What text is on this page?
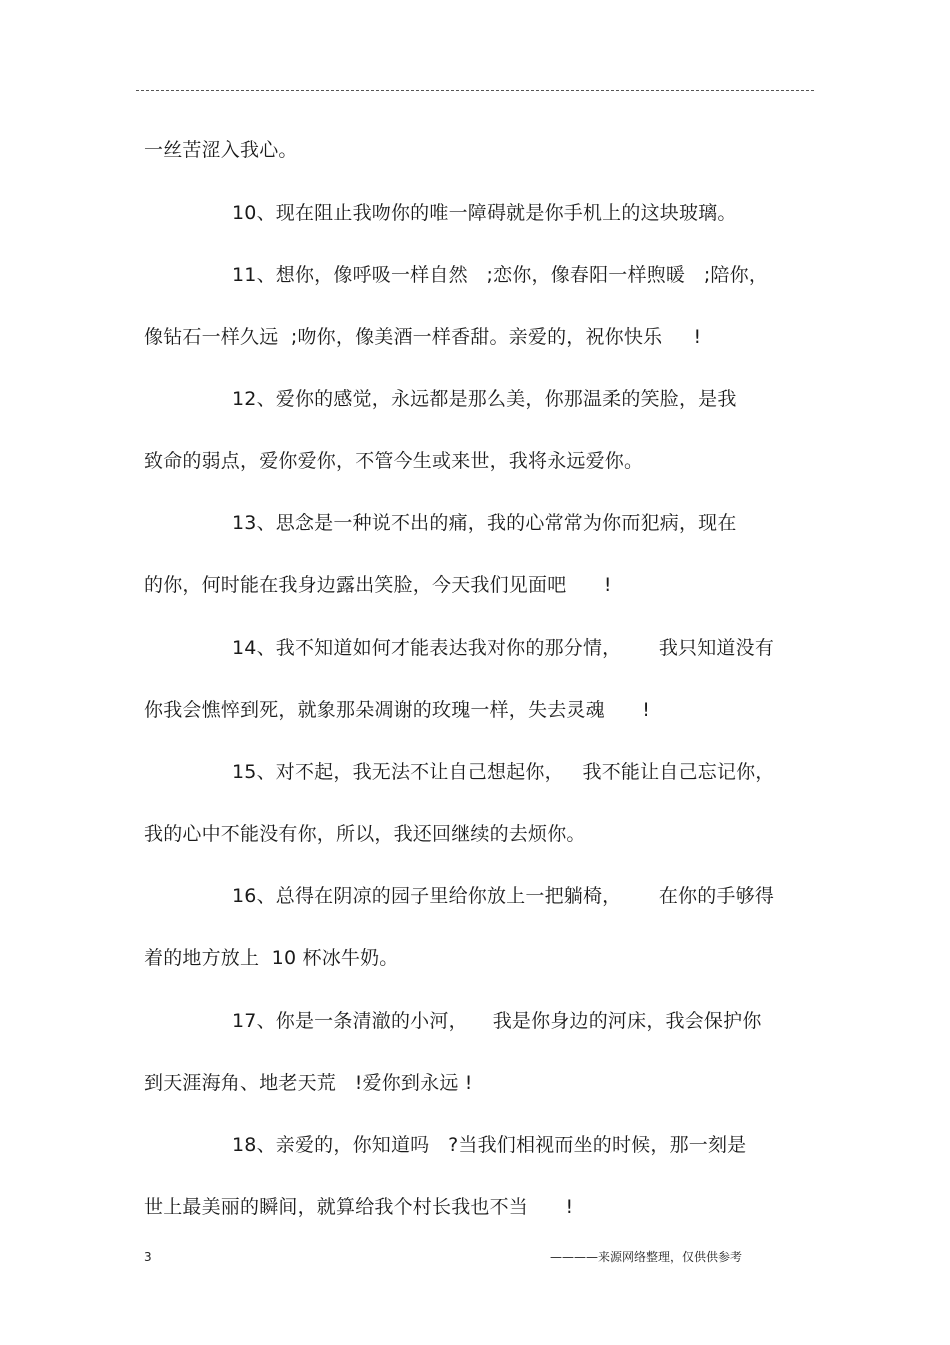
一丝苦涩入我心。
10、现在阻止我吻你的唯一障碍就是你手机上的这块玻璃。
11、想你，像呼吸一样自然   ;恋你，像春阳一样煦暖   ;陪你，
像钻石一样久远  ;吻你，像美酒一样香甜。亲爱的，祝你快乐     !
12、爱你的感觉，永远都是那么美，你那温柔的笑脸，是我
致命的弱点，爱你爱你，不管今生或来世，我将永远爱你。
13、思念是一种说不出的痛，我的心常常为你而犯病，现在
的你，何时能在我身边露出笑脸，今天我们见面吧      !
14、我不知道如何才能表达我对你的那分情，      我只知道没有
你我会憔悴到死，就象那朵凋谢的玫瑰一样，失去灵魂      !
15、对不起，我无法不让自己想起你，   我不能让自己忘记你，
我的心中不能没有你，所以，我还回继续的去烦你。
16、总得在阴凉的园子里给你放上一把躺椅，      在你的手够得
着的地方放上  10 杯冰牛奶。
17、你是一条清澈的小河，    我是你身边的河床，我会保护你
到天涯海角、地老天荒   !爱你到永远 !
18、亲爱的，你知道吗   ?当我们相视而坐的时候，那一刻是
世上最美丽的瞬间，就算给我个村长我也不当      !
3	————来源网络整理，仅供供参考
